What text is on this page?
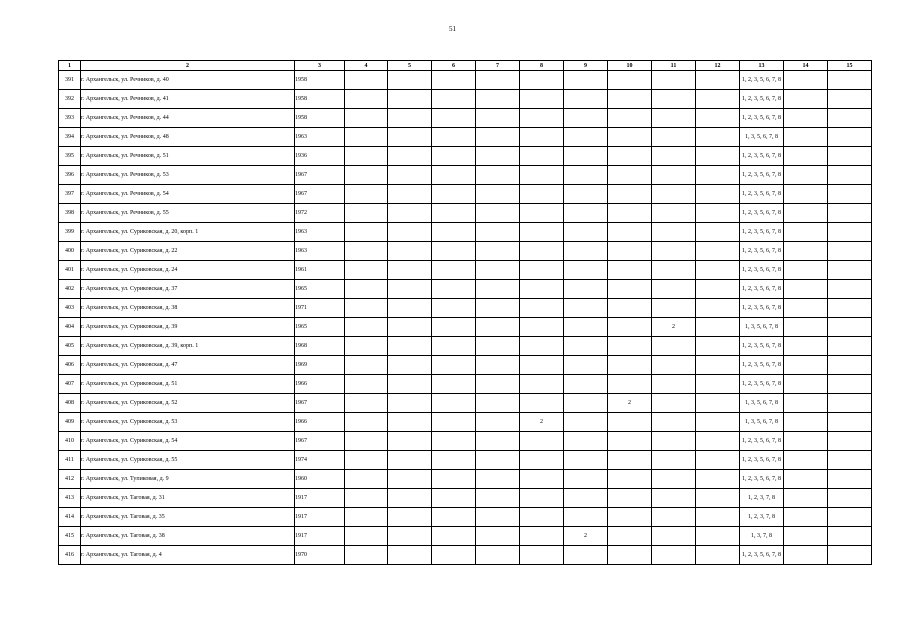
51
1	2	3	4	5	6	7	8	9	10	11	12	13	14	15
391	г. Архангельск, ул. Речников, д. 40	1958										1, 2, 3, 5, 6, 7, 8		
392	г. Архангельск, ул. Речников, д. 41	1958										1, 2, 3, 5, 6, 7, 8		
393	г. Архангельск, ул. Речников, д. 44	1958										1, 2, 3, 5, 6, 7, 8		
394	г. Архангельск, ул. Речников, д. 48	1963										1, 3, 5, 6, 7, 8		
395	г. Архангельск, ул. Речников, д. 51	1936										1, 2, 3, 5, 6, 7, 8		
396	г. Архангельск, ул. Речников, д. 53	1967										1, 2, 3, 5, 6, 7, 8		
397	г. Архангельск, ул. Речников, д. 54	1967										1, 2, 3, 5, 6, 7, 8		
398	г. Архангельск, ул. Речников, д. 55	1972										1, 2, 3, 5, 6, 7, 8		
399	г. Архангельск, ул. Суриковская, д. 20, корп. 1	1963										1, 2, 3, 5, 6, 7, 8		
400	г. Архангельск, ул. Суриковская, д. 22	1963										1, 2, 3, 5, 6, 7, 8		
401	г. Архангельск, ул. Суриковская, д. 24	1961										1, 2, 3, 5, 6, 7, 8		
402	г. Архангельск, ул. Суриковская, д. 37	1965										1, 2, 3, 5, 6, 7, 8		
403	г. Архангельск, ул. Суриковская, д. 38	1971										1, 2, 3, 5, 6, 7, 8		
404	г. Архангельск, ул. Суриковская, д. 39	1965								2		1, 3, 5, 6, 7, 8		
405	г. Архангельск, ул. Суриковская, д. 39, корп. 1	1968										1, 2, 3, 5, 6, 7, 8		
406	г. Архангельск, ул. Суриковская, д. 47	1969										1, 2, 3, 5, 6, 7, 8		
407	г. Архангельск, ул. Суриковская, д. 51	1966										1, 2, 3, 5, 6, 7, 8		
408	г. Архангельск, ул. Суриковская, д. 52	1967							2			1, 3, 5, 6, 7, 8		
409	г. Архангельск, ул. Суриковская, д. 53	1966					2					1, 3, 5, 6, 7, 8		
410	г. Архангельск, ул. Суриковская, д. 54	1967										1, 2, 3, 5, 6, 7, 8		
411	г. Архангельск, ул. Суриковская, д. 55	1974										1, 2, 3, 5, 6, 7, 8		
412	г. Архангельск, ул. Тупиковая, д. 9	1960										1, 2, 3, 5, 6, 7, 8		
413	г. Архангельск, ул. Таговая, д. 31	1917										1, 2, 3, 7, 8		
414	г. Архангельск, ул. Таговая, д. 35	1917										1, 2, 3, 7, 8		
415	г. Архангельск, ул. Таговая, д. 38	1917						2				1, 3, 7, 8		
416	г. Архангельск, ул. Таговая, д. 4	1970										1, 2, 3, 5, 6, 7, 8		
